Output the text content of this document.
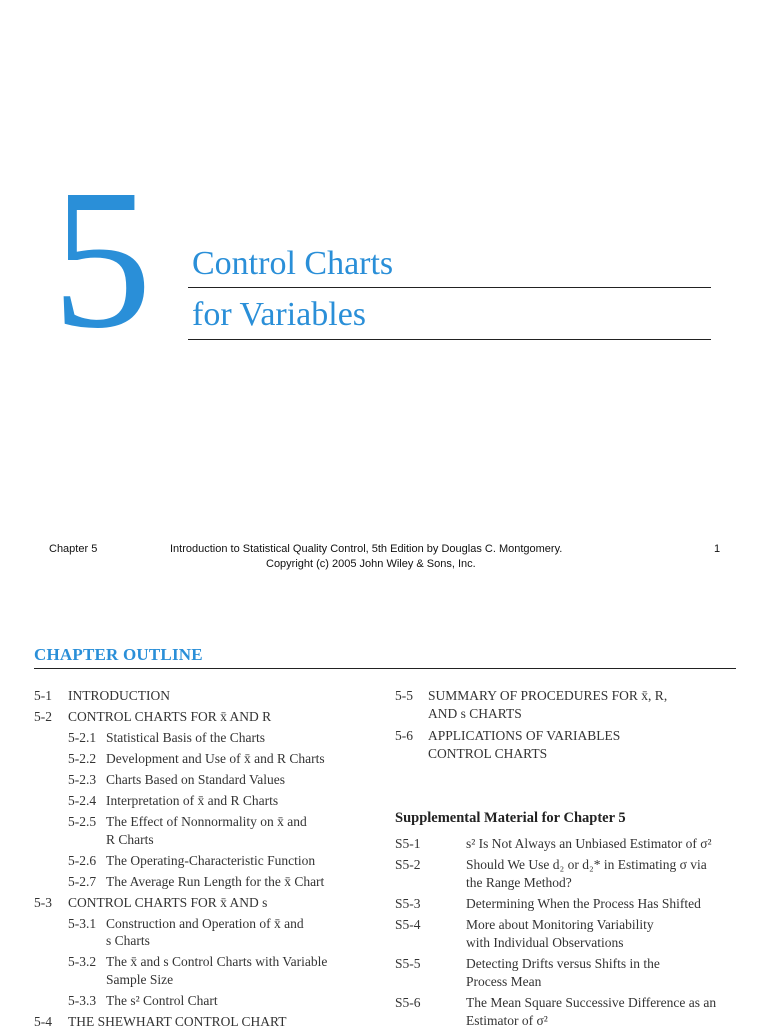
5 Control Charts
for Variables
Chapter 5	Introduction to Statistical Quality Control, 5th Edition by Douglas C. Montgomery.	1
Copyright (c) 2005 John Wiley & Sons, Inc.
CHAPTER OUTLINE
5-1 INTRODUCTION
5-2 CONTROL CHARTS FOR x̄ AND R
5-2.1 Statistical Basis of the Charts
5-2.2 Development and Use of x̄ and R Charts
5-2.3 Charts Based on Standard Values
5-2.4 Interpretation of x̄ and R Charts
5-2.5 The Effect of Nonnormality on x̄ and
R Charts
5-2.6 The Operating-Characteristic Function
5-2.7 The Average Run Length for the x̄ Chart
5-3 CONTROL CHARTS FOR x̄ AND s
5-3.1 Construction and Operation of x̄ and
s Charts
5-3.2 The x̄ and s Control Charts with Variable
Sample Size
5-3.3 The s² Control Chart
5-4 THE SHEWHART CONTROL CHART
5-5 SUMMARY OF PROCEDURES FOR x̄, R,
AND s CHARTS
5-6 APPLICATIONS OF VARIABLES
CONTROL CHARTS
Supplemental Material for Chapter 5
S5-1	s² Is Not Always an Unbiased Estimator of σ²
S5-2	Should We Use d₂ or d₂* in Estimating σ via
the Range Method?
S5-3	Determining When the Process Has Shifted
S5-4	More about Monitoring Variability
with Individual Observations
S5-5	Detecting Drifts versus Shifts in the
Process Mean
S5-6	The Mean Square Successive Difference as an
Estimator of σ²
